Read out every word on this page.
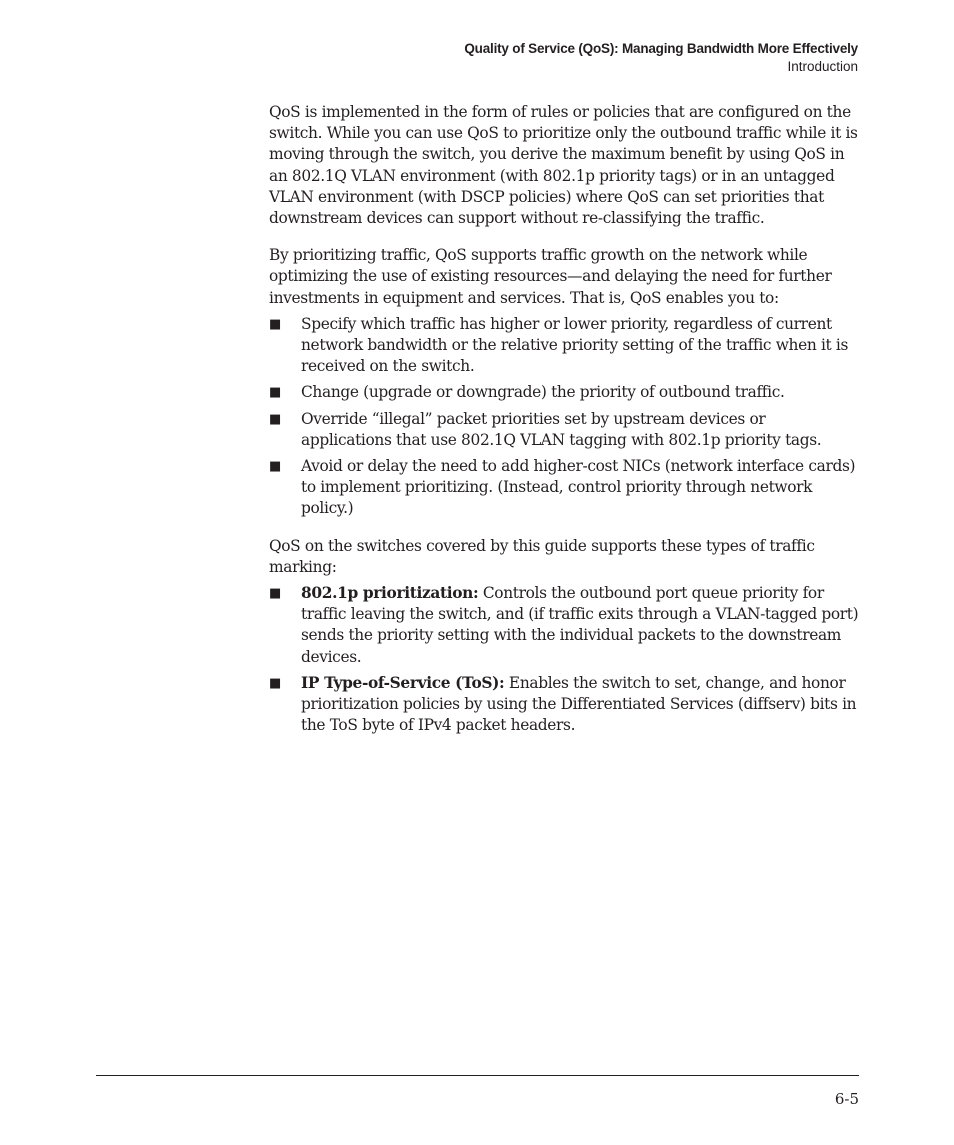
Quality of Service (QoS): Managing Bandwidth More Effectively
Introduction

QoS is implemented in the form of rules or policies that are configured on the switch. While you can use QoS to prioritize only the outbound traffic while it is moving through the switch, you derive the maximum benefit by using QoS in an 802.1Q VLAN environment (with 802.1p priority tags) or in an untagged VLAN environment (with DSCP policies) where QoS can set priorities that downstream devices can support without re-classifying the traffic.

By prioritizing traffic, QoS supports traffic growth on the network while optimizing the use of existing resources—and delaying the need for further investments in equipment and services. That is, QoS enables you to:

■ Specify which traffic has higher or lower priority, regardless of current network bandwidth or the relative priority setting of the traffic when it is received on the switch.
■ Change (upgrade or downgrade) the priority of outbound traffic.
■ Override “illegal” packet priorities set by upstream devices or applications that use 802.1Q VLAN tagging with 802.1p priority tags.
■ Avoid or delay the need to add higher-cost NICs (network interface cards) to implement prioritizing. (Instead, control priority through network policy.)

QoS on the switches covered by this guide supports these types of traffic marking:

■ 802.1p prioritization: Controls the outbound port queue priority for traffic leaving the switch, and (if traffic exits through a VLAN-tagged port) sends the priority setting with the individual packets to the downstream devices.
■ IP Type-of-Service (ToS): Enables the switch to set, change, and honor prioritization policies by using the Differentiated Services (diffserv) bits in the ToS byte of IPv4 packet headers.
6-5
